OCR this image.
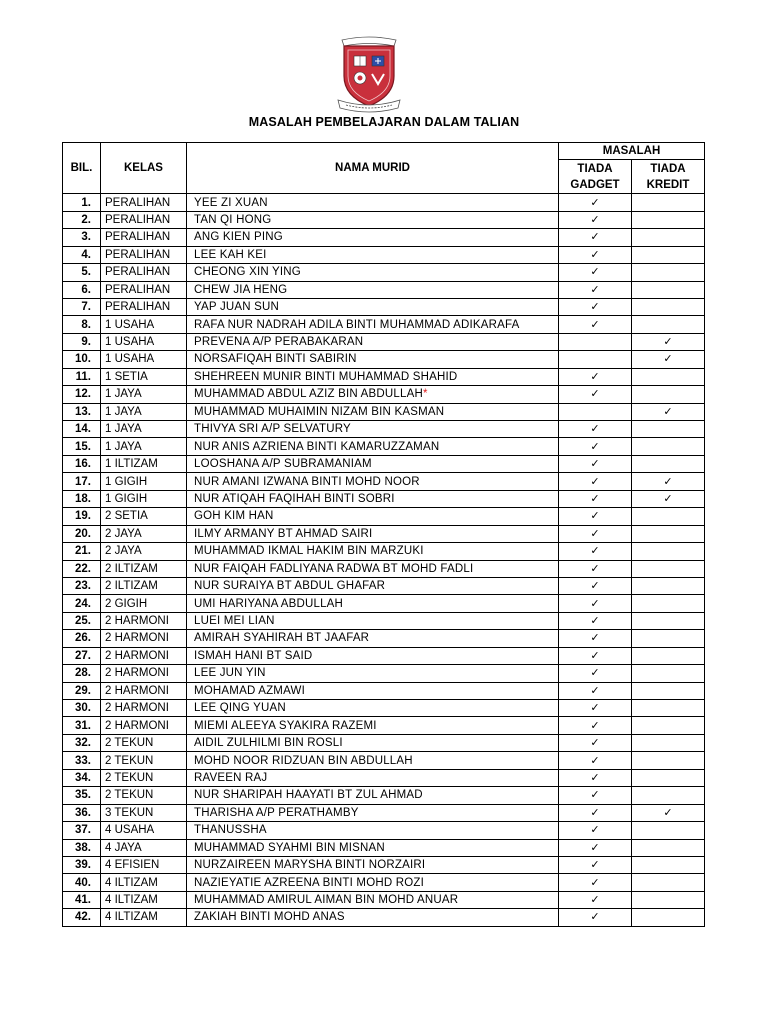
MASALAH PEMBELAJARAN DALAM TALIAN
BIL.	KELAS	NAMA MURID	MASALAH	
			TIADA	TIADA
			GADGET	KREDIT
1.	PERALIHAN	YEE ZI XUAN	✓	
2.	PERALIHAN	TAN QI HONG	✓	
3.	PERALIHAN	ANG KIEN PING	✓	
4.	PERALIHAN	LEE KAH KEI	✓	
5.	PERALIHAN	CHEONG XIN YING	✓	
6.	PERALIHAN	CHEW JIA HENG	✓	
7.	PERALIHAN	YAP JUAN SUN	✓	
8.	1 USAHA	RAFA NUR NADRAH ADILA BINTI MUHAMMAD ADIKARAFA	✓	
9.	1 USAHA	PREVENA A/P PERABAKARAN		✓
10.	1 USAHA	NORSAFIQAH BINTI SABIRIN		✓
11.	1 SETIA	SHEHREEN MUNIR BINTI MUHAMMAD SHAHID	✓	
12.	1 JAYA	MUHAMMAD ABDUL AZIZ BIN ABDULLAH*	✓	
13.	1 JAYA	MUHAMMAD MUHAIMIN NIZAM BIN KASMAN		✓
14.	1 JAYA	THIVYA SRI A/P SELVATURY	✓	
15.	1 JAYA	NUR ANIS AZRIENA BINTI KAMARUZZAMAN	✓	
16.	1 ILTIZAM	LOOSHANA A/P SUBRAMANIAM	✓	
17.	1 GIGIH	NUR AMANI IZWANA BINTI MOHD NOOR	✓	✓
18.	1 GIGIH	NUR ATIQAH FAQIHAH BINTI SOBRI	✓	✓
19.	2 SETIA	GOH KIM HAN	✓	
20.	2 JAYA	ILMY ARMANY BT AHMAD SAIRI	✓	
21.	2 JAYA	MUHAMMAD IKMAL HAKIM BIN MARZUKI	✓	
22.	2 ILTIZAM	NUR FAIQAH FADLIYANA RADWA BT MOHD FADLI	✓	
23.	2 ILTIZAM	NUR SURAIYA BT ABDUL GHAFAR	✓	
24.	2 GIGIH	UMI HARIYANA ABDULLAH	✓	
25.	2 HARMONI	LUEI MEI LIAN	✓	
26.	2 HARMONI	AMIRAH SYAHIRAH BT JAAFAR	✓	
27.	2 HARMONI	ISMAH HANI BT SAID	✓	
28.	2 HARMONI	LEE JUN YIN	✓	
29.	2 HARMONI	MOHAMAD AZMAWI	✓	
30.	2 HARMONI	LEE QING YUAN	✓	
31.	2 HARMONI	MIEMI ALEEYA SYAKIRA RAZEMI	✓	
32.	2 TEKUN	AIDIL ZULHILMI BIN ROSLI	✓	
33.	2 TEKUN	MOHD NOOR RIDZUAN BIN ABDULLAH	✓	
34.	2 TEKUN	RAVEEN RAJ	✓	
35.	2 TEKUN	NUR SHARIPAH HAAYATI BT ZUL AHMAD	✓	
36.	3 TEKUN	THARISHA A/P PERATHAMBY	✓	✓
37.	4 USAHA	THANUSSHA	✓	
38.	4 JAYA	MUHAMMAD SYAHMI BIN MISNAN	✓	
39.	4 EFISIEN	NURZAIREEN MARYSHA BINTI NORZAIRI	✓	
40.	4 ILTIZAM	NAZIEYATIE AZREENA BINTI MOHD ROZI	✓	
41.	4 ILTIZAM	MUHAMMAD AMIRUL AIMAN BIN MOHD ANUAR	✓	
42.	4 ILTIZAM	ZAKIAH BINTI MOHD ANAS	✓	
